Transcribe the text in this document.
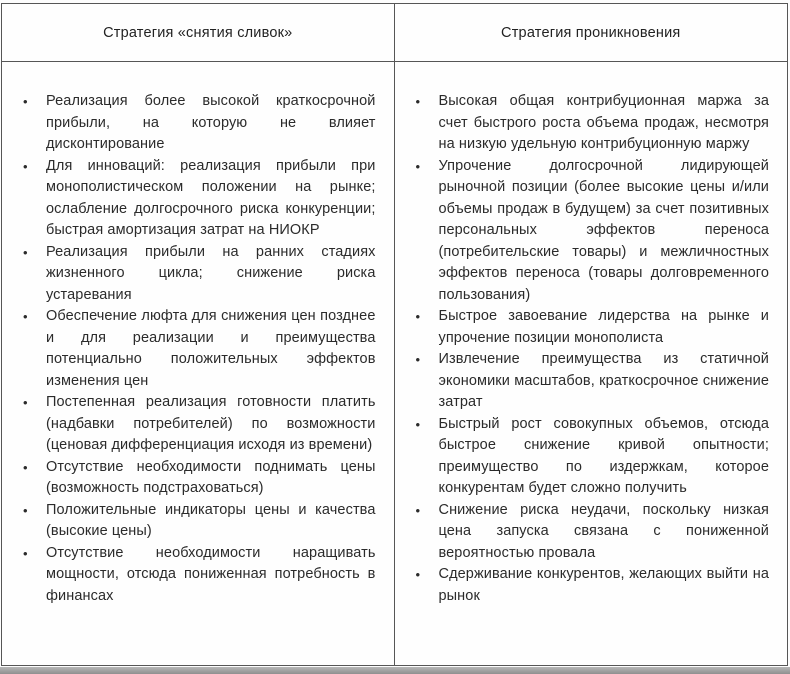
Стратегия «снятия сливок»	Стратегия проникновения
• Реализация более высокой краткосрочной прибыли, на которую не влияет дисконтирование
• Для инноваций: реализация прибыли при монополистическом положении на рынке; ослабление долгосрочного риска конкуренции; быстрая амортизация затрат на НИОКР
• Реализация прибыли на ранних стадиях жизненного цикла; снижение риска устаревания
• Обеспечение люфта для снижения цен позднее и для реализации и преимущества потенциально положительных эффектов изменения цен
• Постепенная реализация готовности платить (надбавки потребителей) по возможности (ценовая дифференциация исходя из времени)
• Отсутствие необходимости поднимать цены (возможность подстраховаться)
• Положительные индикаторы цены и качества (высокие цены)
• Отсутствие необходимости наращивать мощности, отсюда пониженная потребность в финансах
• Высокая общая контрибуционная маржа за счет быстрого роста объема продаж, несмотря на низкую удельную контрибуционную маржу
• Упрочение долгосрочной лидирующей рыночной позиции (более высокие цены и/или объемы продаж в будущем) за счет позитивных персональных эффектов переноса (потребительские товары) и межличностных эффектов переноса (товары долговременного пользования)
• Быстрое завоевание лидерства на рынке и упрочение позиции монополиста
• Извлечение преимущества из статичной экономики масштабов, краткосрочное снижение затрат
• Быстрый рост совокупных объемов, отсюда быстрое снижение кривой опытности; преимущество по издержкам, которое конкурентам будет сложно получить
• Снижение риска неудачи, поскольку низкая цена запуска связана с пониженной вероятностью провала
• Сдерживание конкурентов, желающих выйти на рынок
